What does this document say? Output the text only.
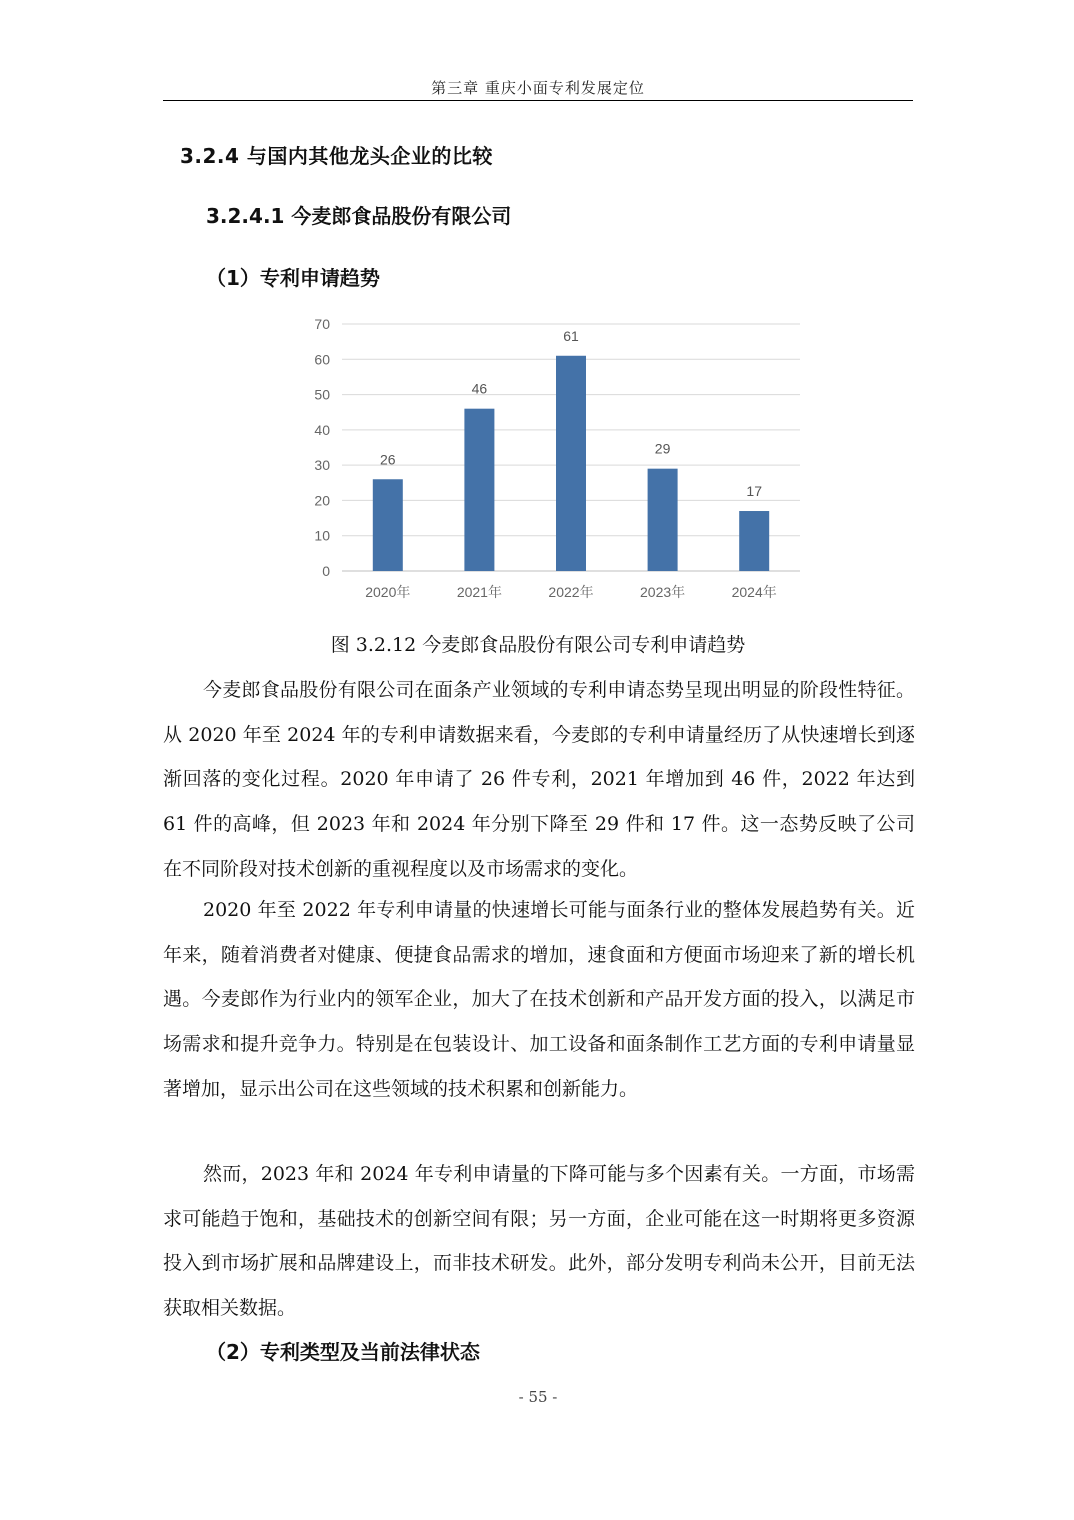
第三章 重庆小面专利发展定位
3.2.4 与国内其他龙头企业的比较
3.2.4.1 今麦郎食品股份有限公司
（1）专利申请趋势
0
10
20
30
40
50
60
70
26
2020年
46
2021年
61
2022年
29
2023年
17
2024年
图 3.2.12 今麦郎食品股份有限公司专利申请趋势

今麦郎食品股份有限公司在面条产业领域的专利申请态势呈现出明显的阶段性特征。从 2020 年至 2024 年的专利申请数据来看，今麦郎的专利申请量经历了从快速增长到逐渐回落的变化过程。2020 年申请了 26 件专利，2021 年增加到 46 件，2022 年达到 61 件的高峰，但 2023 年和 2024 年分别下降至 29 件和 17 件。这一态势反映了公司在不同阶段对技术创新的重视程度以及市场需求的变化。

2020 年至 2022 年专利申请量的快速增长可能与面条行业的整体发展趋势有关。近年来，随着消费者对健康、便捷食品需求的增加，速食面和方便面市场迎来了新的增长机遇。今麦郎作为行业内的领军企业，加大了在技术创新和产品开发方面的投入，以满足市场需求和提升竞争力。特别是在包装设计、加工设备和面条制作工艺方面的专利申请量显著增加，显示出公司在这些领域的技术积累和创新能力。

然而，2023 年和 2024 年专利申请量的下降可能与多个因素有关。一方面，市场需求可能趋于饱和，基础技术的创新空间有限；另一方面，企业可能在这一时期将更多资源投入到市场扩展和品牌建设上，而非技术研发。此外，部分发明专利尚未公开，目前无法获取相关数据。

（2）专利类型及当前法律状态
- 55 -
